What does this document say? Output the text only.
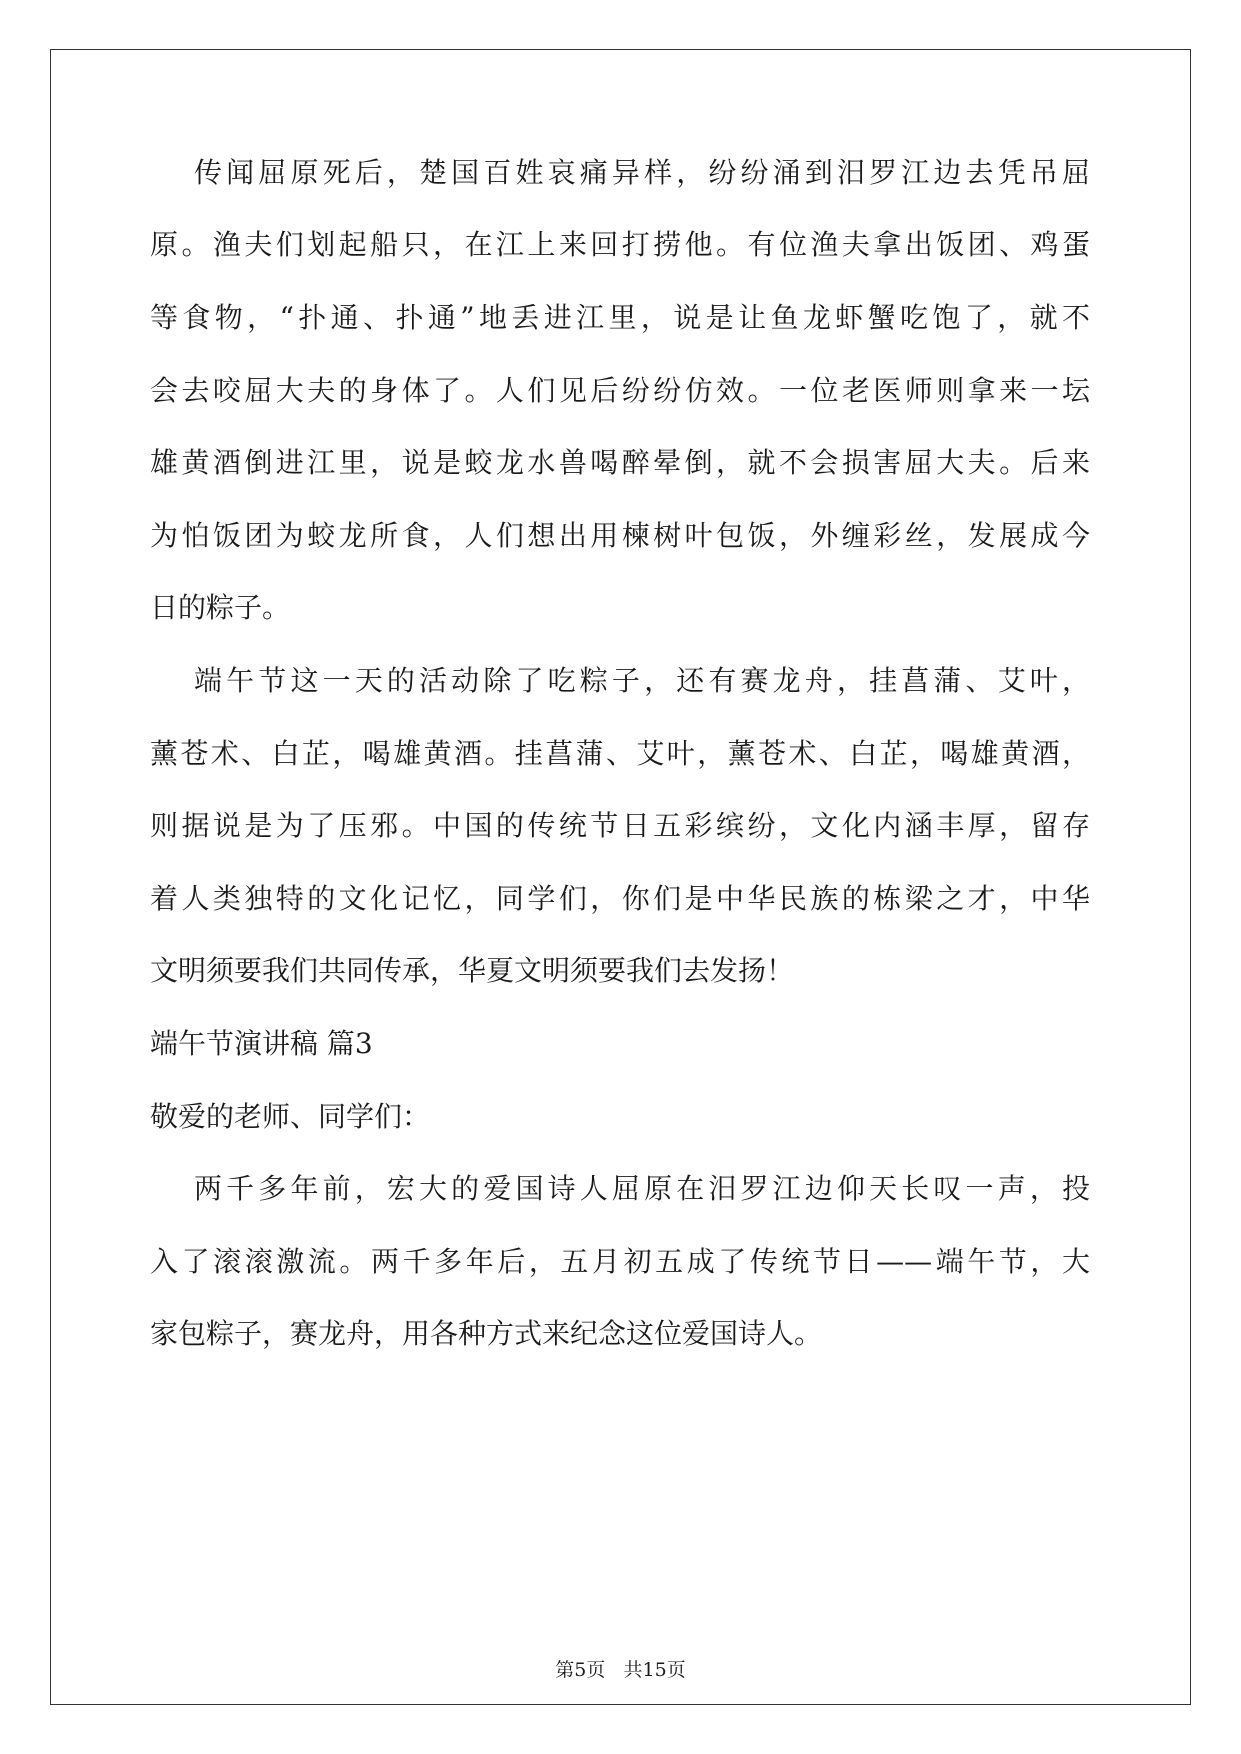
传闻屈原死后，楚国百姓哀痛异样，纷纷涌到汨罗江边去凭吊屈
原。渔夫们划起船只，在江上来回打捞他。有位渔夫拿出饭团、鸡蛋
等食物，“扑通、扑通”地丢进江里，说是让鱼龙虾蟹吃饱了，就不
会去咬屈大夫的身体了。人们见后纷纷仿效。一位老医师则拿来一坛
雄黄酒倒进江里，说是蛟龙水兽喝醉晕倒，就不会损害屈大夫。后来
为怕饭团为蛟龙所食，人们想出用楝树叶包饭，外缠彩丝，发展成今
日的粽子。
端午节这一天的活动除了吃粽子，还有赛龙舟，挂菖蒲、艾叶，
薰苍术、白芷，喝雄黄酒。挂菖蒲、艾叶，薰苍术、白芷，喝雄黄酒，
则据说是为了压邪。中国的传统节日五彩缤纷，文化内涵丰厚，留存
着人类独特的文化记忆，同学们，你们是中华民族的栋梁之才，中华
文明须要我们共同传承，华夏文明须要我们去发扬！
端午节演讲稿 篇3
敬爱的老师、同学们：
两千多年前，宏大的爱国诗人屈原在汨罗江边仰天长叹一声，投
入了滚滚激流。两千多年后，五月初五成了传统节日——端午节，大
家包粽子，赛龙舟，用各种方式来纪念这位爱国诗人。
第5页 共15页
